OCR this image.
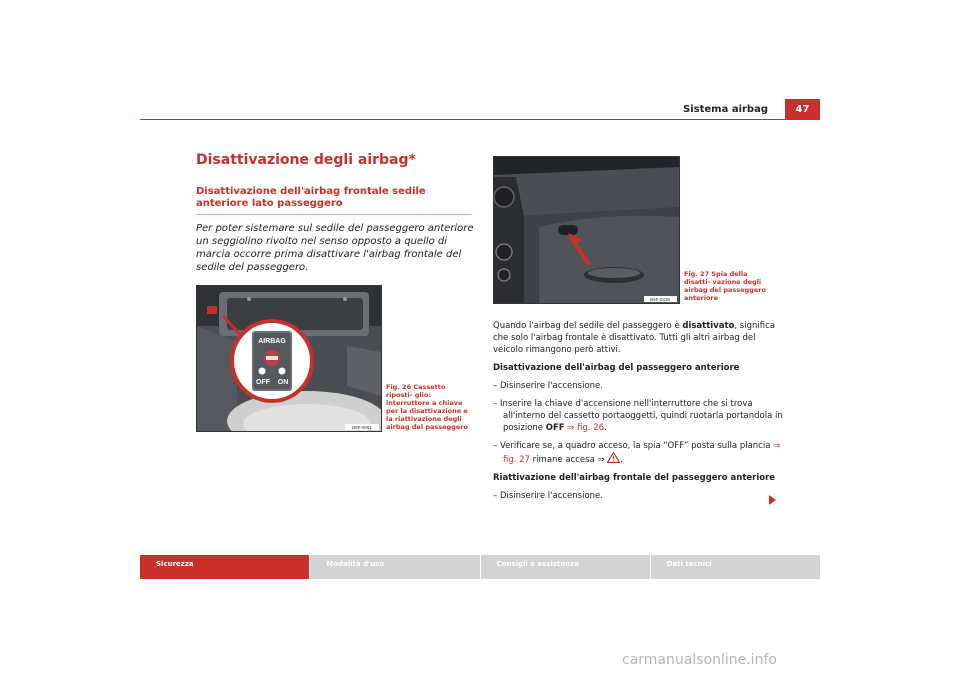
Sistema airbag	47
Disattivazione degli airbag*
Disattivazione dell'airbag frontale sedile anteriore lato passeggero
Per poter sistemare sul sedile del passeggero anteriore un seggiolino rivolto nel senso opposto a quello di marcia occorre prima disattivare l'airbag frontale del sedile del passeggero.
AIRBAG
OFF ON
B5F-0061
Fig. 26 Cassetto riposti- glio: interruttore a chiave per la disattivazione e la riattivazione degli airbag del passeggero
B5F-0436
Fig. 27 Spia della disatti- vazione degli airbag del passeggero anteriore

Quando l'airbag del sedile del passeggero è disattivato, significa che solo l'airbag frontale è disattivato. Tutti gli altri airbag del veicolo rimangono però attivi.

Disattivazione dell'airbag del passeggero anteriore

– Disinserire l'accensione.

– Inserire la chiave d'accensione nell'interruttore che si trova all'interno del cassetto portaoggetti, quindi ruotarla portandola in posizione OFF ⇒ fig. 26.

– Verificare se, a quadro acceso, la spia “OFF” posta sulla plancia ⇒ fig. 27 rimane accesa ⇒ .

Riattivazione dell'airbag frontale del passeggero anteriore

– Disinserire l'accensione.

Sicurezza	Modalità d'uso	Consigli e assistenza	Dati tecnici
carmanualsonline.info
